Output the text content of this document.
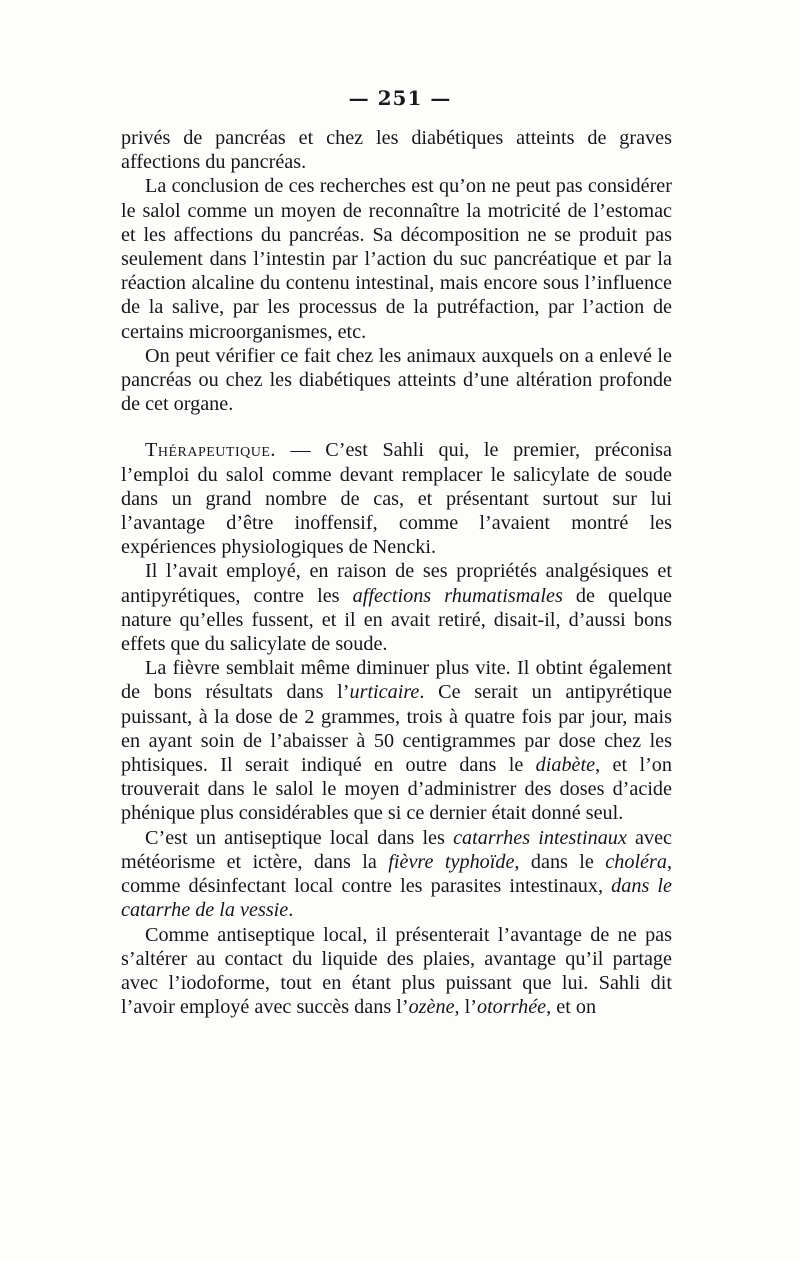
— 251 —

privés de pancréas et chez les diabétiques atteints de graves affections du pancréas.

La conclusion de ces recherches est qu’on ne peut pas considérer le salol comme un moyen de reconnaître la motricité de l’estomac et les affections du pancréas. Sa décomposition ne se produit pas seulement dans l’intestin par l’action du suc pancréatique et par la réaction alcaline du contenu intestinal, mais encore sous l’influence de la salive, par les processus de la putréfaction, par l’action de certains microorganismes, etc.

On peut vérifier ce fait chez les animaux auxquels on a enlevé le pancréas ou chez les diabétiques atteints d’une altération profonde de cet organe.

Thérapeutique. — C’est Sahli qui, le premier, préconisa l’emploi du salol comme devant remplacer le salicylate de soude dans un grand nombre de cas, et présentant surtout sur lui l’avantage d’être inoffensif, comme l’avaient montré les expériences physiologiques de Nencki.

Il l’avait employé, en raison de ses propriétés analgésiques et antipyrétiques, contre les affections rhumatismales de quelque nature qu’elles fussent, et il en avait retiré, disait-il, d’aussi bons effets que du salicylate de soude.

La fièvre semblait même diminuer plus vite. Il obtint également de bons résultats dans l’urticaire. Ce serait un antipyrétique puissant, à la dose de 2 grammes, trois à quatre fois par jour, mais en ayant soin de l’abaisser à 50 centigrammes par dose chez les phtisiques. Il serait indiqué en outre dans le diabète, et l’on trouverait dans le salol le moyen d’administrer des doses d’acide phénique plus considérables que si ce dernier était donné seul.

C’est un antiseptique local dans les catarrhes intestinaux avec météorisme et ictère, dans la fièvre typhoïde, dans le choléra, comme désinfectant local contre les parasites intestinaux, dans le catarrhe de la vessie.

Comme antiseptique local, il présenterait l’avantage de ne pas s’altérer au contact du liquide des plaies, avantage qu’il partage avec l’iodoforme, tout en étant plus puissant que lui. Sahli dit l’avoir employé avec succès dans l’ozène, l’otorrhée, et on
